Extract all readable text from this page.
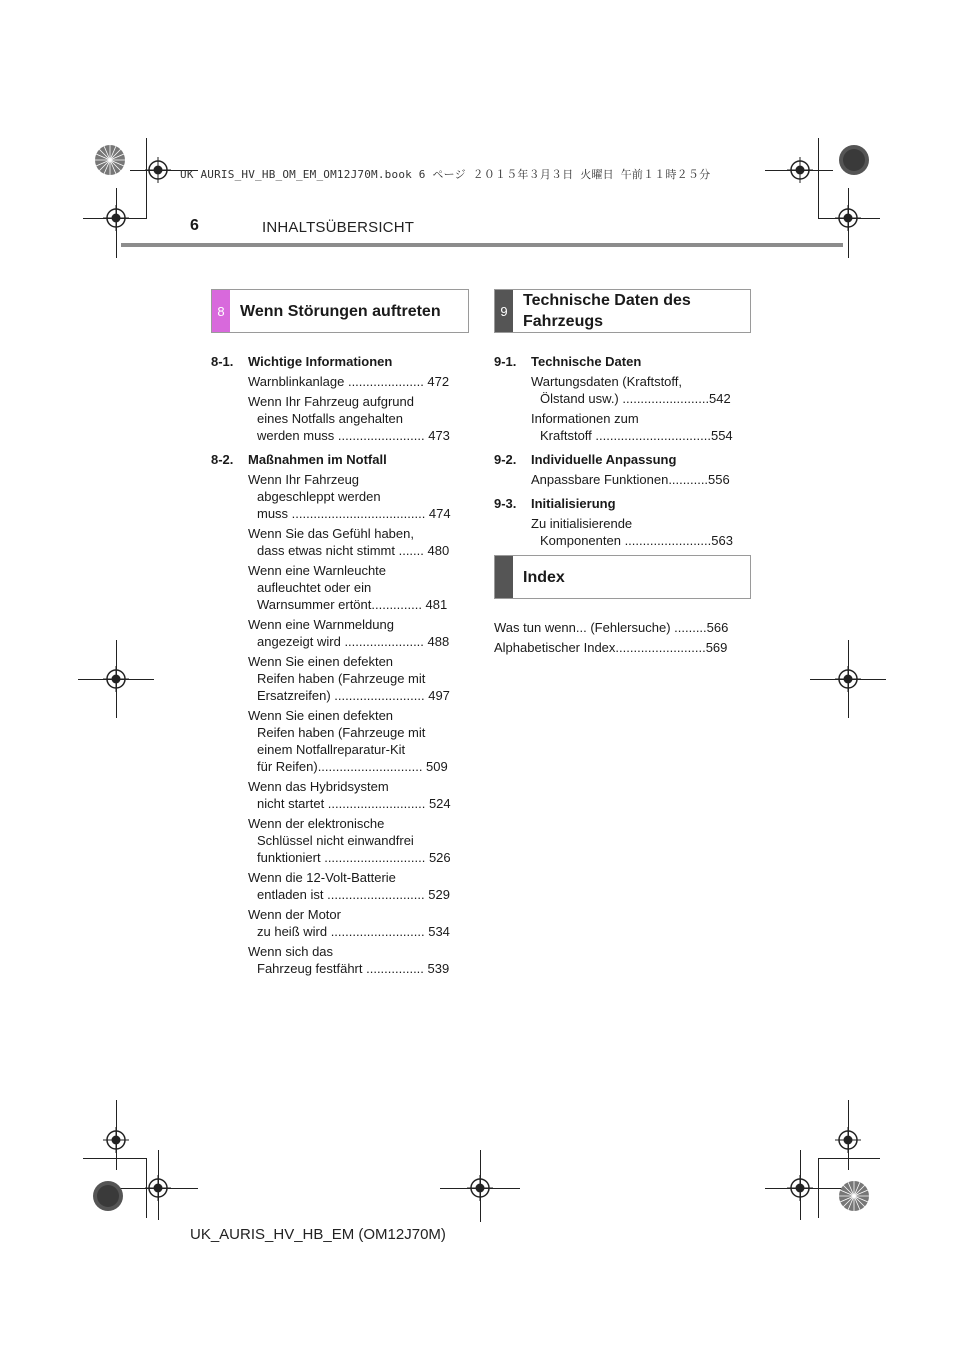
UK AURIS_HV_HB_OM_EM_OM12J70M.book 6 ページ ２０１５年３月３日 火曜日 午前１１時２５分
6	INHALTSÜBERSICHT
8 Wenn Störungen auftreten	9
Technische Daten des
Fahrzeugs
8-1. Wichtige Informationen
Warnblinkanlage ..................... 472
Wenn Ihr Fahrzeug aufgrund
eines Notfalls angehalten
werden muss ........................ 473
8-2. Maßnahmen im Notfall
Wenn Ihr Fahrzeug
abgeschleppt werden
muss ..................................... 474
Wenn Sie das Gefühl haben,
dass etwas nicht stimmt ....... 480
Wenn eine Warnleuchte
aufleuchtet oder ein
Warnsummer ertönt.............. 481
Wenn eine Warnmeldung
angezeigt wird ...................... 488
Wenn Sie einen defekten
Reifen haben (Fahrzeuge mit
Ersatzreifen) ......................... 497
Wenn Sie einen defekten
Reifen haben (Fahrzeuge mit
einem Notfallreparatur-Kit
für Reifen)............................. 509
Wenn das Hybridsystem
nicht startet ........................... 524
Wenn der elektronische
Schlüssel nicht einwandfrei
funktioniert ............................ 526
Wenn die 12-Volt-Batterie
entladen ist ........................... 529
Wenn der Motor
zu heiß wird .......................... 534
Wenn sich das
Fahrzeug festfährt ................ 539
9-1. Technische Daten
Wartungsdaten (Kraftstoff,
Ölstand usw.) ........................542
Informationen zum
Kraftstoff ................................554
9-2. Individuelle Anpassung
Anpassbare Funktionen...........556
9-3. Initialisierung
Zu initialisierende
Komponenten ........................563
Index
Was tun wenn... (Fehlersuche) .........566
Alphabetischer Index.........................569
UK_AURIS_HV_HB_EM (OM12J70M)
